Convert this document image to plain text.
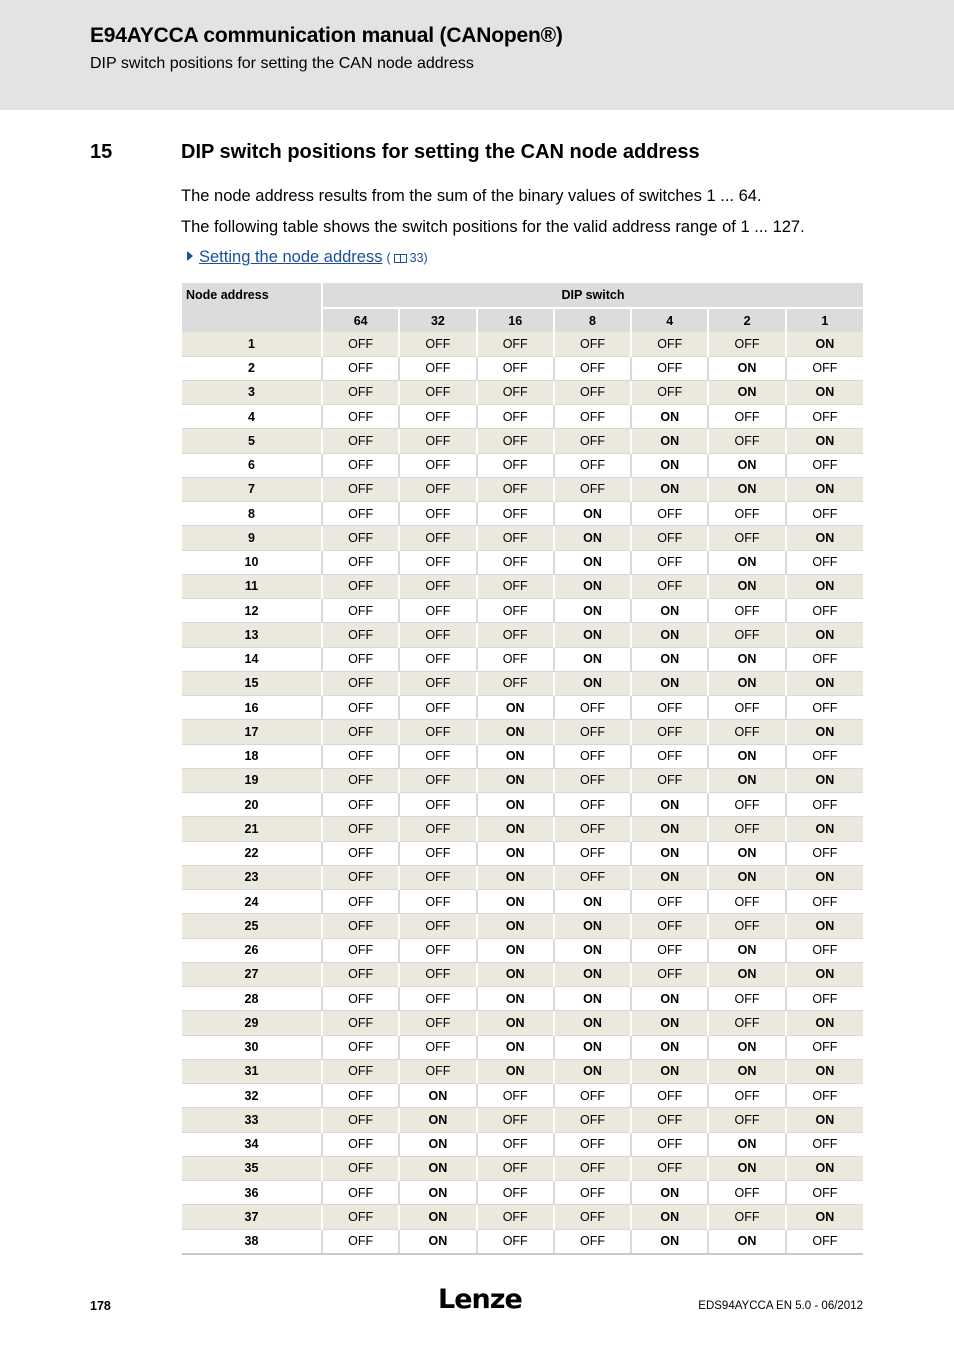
E94AYCCA communication manual (CANopen®)
DIP switch positions for setting the CAN node address
15	DIP switch positions for setting the CAN node address
The node address results from the sum of the binary values of switches 1 ... 64.
The following table shows the switch positions for the valid address range of 1 ... 127.
Setting the node address ( 33)
Node address	DIP switch						
	64	32	16	8	4	2	1
1	OFF	OFF	OFF	OFF	OFF	OFF	ON
2	OFF	OFF	OFF	OFF	OFF	ON	OFF
3	OFF	OFF	OFF	OFF	OFF	ON	ON
4	OFF	OFF	OFF	OFF	ON	OFF	OFF
5	OFF	OFF	OFF	OFF	ON	OFF	ON
6	OFF	OFF	OFF	OFF	ON	ON	OFF
7	OFF	OFF	OFF	OFF	ON	ON	ON
8	OFF	OFF	OFF	ON	OFF	OFF	OFF
9	OFF	OFF	OFF	ON	OFF	OFF	ON
10	OFF	OFF	OFF	ON	OFF	ON	OFF
11	OFF	OFF	OFF	ON	OFF	ON	ON
12	OFF	OFF	OFF	ON	ON	OFF	OFF
13	OFF	OFF	OFF	ON	ON	OFF	ON
14	OFF	OFF	OFF	ON	ON	ON	OFF
15	OFF	OFF	OFF	ON	ON	ON	ON
16	OFF	OFF	ON	OFF	OFF	OFF	OFF
17	OFF	OFF	ON	OFF	OFF	OFF	ON
18	OFF	OFF	ON	OFF	OFF	ON	OFF
19	OFF	OFF	ON	OFF	OFF	ON	ON
20	OFF	OFF	ON	OFF	ON	OFF	OFF
21	OFF	OFF	ON	OFF	ON	OFF	ON
22	OFF	OFF	ON	OFF	ON	ON	OFF
23	OFF	OFF	ON	OFF	ON	ON	ON
24	OFF	OFF	ON	ON	OFF	OFF	OFF
25	OFF	OFF	ON	ON	OFF	OFF	ON
26	OFF	OFF	ON	ON	OFF	ON	OFF
27	OFF	OFF	ON	ON	OFF	ON	ON
28	OFF	OFF	ON	ON	ON	OFF	OFF
29	OFF	OFF	ON	ON	ON	OFF	ON
30	OFF	OFF	ON	ON	ON	ON	OFF
31	OFF	OFF	ON	ON	ON	ON	ON
32	OFF	ON	OFF	OFF	OFF	OFF	OFF
33	OFF	ON	OFF	OFF	OFF	OFF	ON
34	OFF	ON	OFF	OFF	OFF	ON	OFF
35	OFF	ON	OFF	OFF	OFF	ON	ON
36	OFF	ON	OFF	OFF	ON	OFF	OFF
37	OFF	ON	OFF	OFF	ON	OFF	ON
38	OFF	ON	OFF	OFF	ON	ON	OFF
178	Lenze	EDS94AYCCA EN 5.0 - 06/2012
